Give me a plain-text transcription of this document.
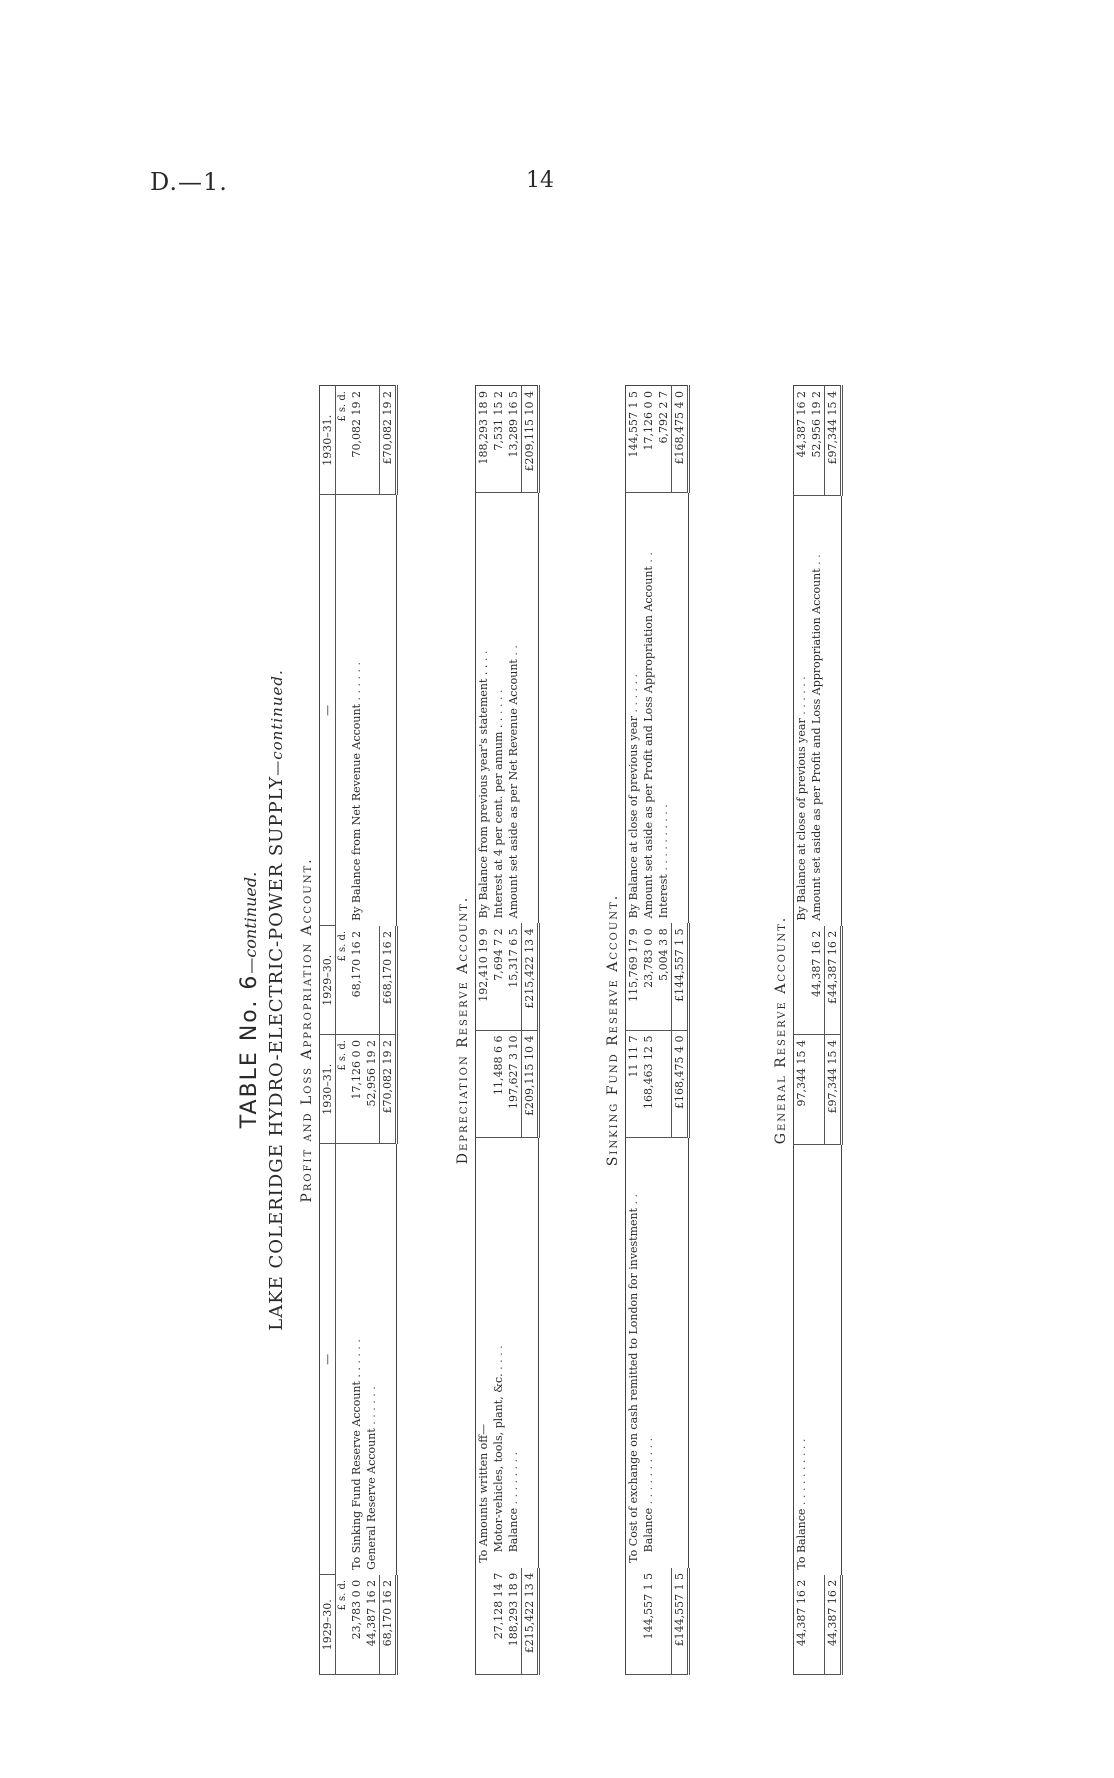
D.—1.	14
TABLE No. 6—continued. LAKE COLERIDGE HYDRO-ELECTRIC-POWER SUPPLY—continued.
Profit and Loss Appropriation Account.
1929–30.	—	1930–31.	1929–30.	—	1930–31.
£ s. d.		£ s. d.	£ s. d.		£ s. d.
23,783 0 0	To Sinking Fund Reserve Account . . . . . .	17,126 0 0	68,170 16 2	By Balance from Net Revenue Account . . . . . .	70,082 19 2
44,387 16 2	General Reserve Account . . . . . .	52,956 19 2			
68,170 16 2		£70,082 19 2	£68,170 16 2		£70,082 19 2
Depreciation Reserve Account.
	To Amounts written off—		192,410 19 9	By Balance from previous year's statement . . . .	188,293 18 9
27,128 14 7	Motor-vehicles, tools, plant, &c. . . . .	11,488 6 6	7,694 7 2	Interest at 4 per cent. per annum . . . . . .	7,531 15 2
188,293 18 9	Balance . . . . . . . .	197,627 3 10	15,317 6 5	Amount set aside as per Net Revenue Account . .	13,289 16 5
£215,422 13 4		£209,115 10 4	£215,422 13 4		£209,115 10 4
Sinking Fund Reserve Account.
	To Cost of exchange on cash remitted to London for investment . .	11 11 7	115,769 17 9	By Balance at close of previous year . . . . . .	144,557 1 5
144,557 1 5	Balance . . . . . . . . . .	168,463 12 5	23,783 0 0	Amount set aside as per Profit and Loss Appropriation Account . .	17,126 0 0
			5,004 3 8	Interest . . . . . . . . . .	6,792 2 7
£144,557 1 5		£168,475 4 0	£144,557 1 5		£168,475 4 0
General Reserve Account.
44,387 16 2	To Balance . . . . . . . . . .	97,344 15 4		By Balance at close of previous year . . . . . .	44,387 16 2
			44,387 16 2	Amount set aside as per Profit and Loss Appropriation Account . .	52,956 19 2
44,387 16 2		£97,344 15 4	£44,387 16 2		£97,344 15 4
